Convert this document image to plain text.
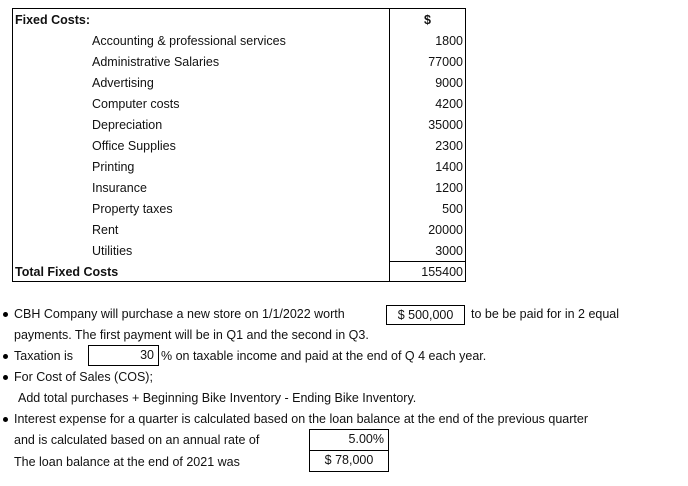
Fixed Costs:	$
Accounting & professional services	1800
Administrative Salaries	77000
Advertising	9000
Computer costs	4200
Depreciation	35000
Office Supplies	2300
Printing	1400
Insurance	1200
Property taxes	500
Rent	20000
Utilities	3000
Total Fixed Costs	155400
CBH Company will purchase a new store on 1/1/2022 worth	$ 500,000	to be be paid for in 2 equal
payments. The first payment will be in Q1 and the second in Q3.
Taxation is	30 % on taxable income and paid at the end of Q 4 each year.
For Cost of Sales (COS);
Add total purchases + Beginning Bike Inventory - Ending Bike Inventory.
Interest expense for a quarter is calculated based on the loan balance at the end of the previous quarter
and is calculated based on an annual rate of	5.00%
The loan balance at the end of 2021 was	$ 78,000
